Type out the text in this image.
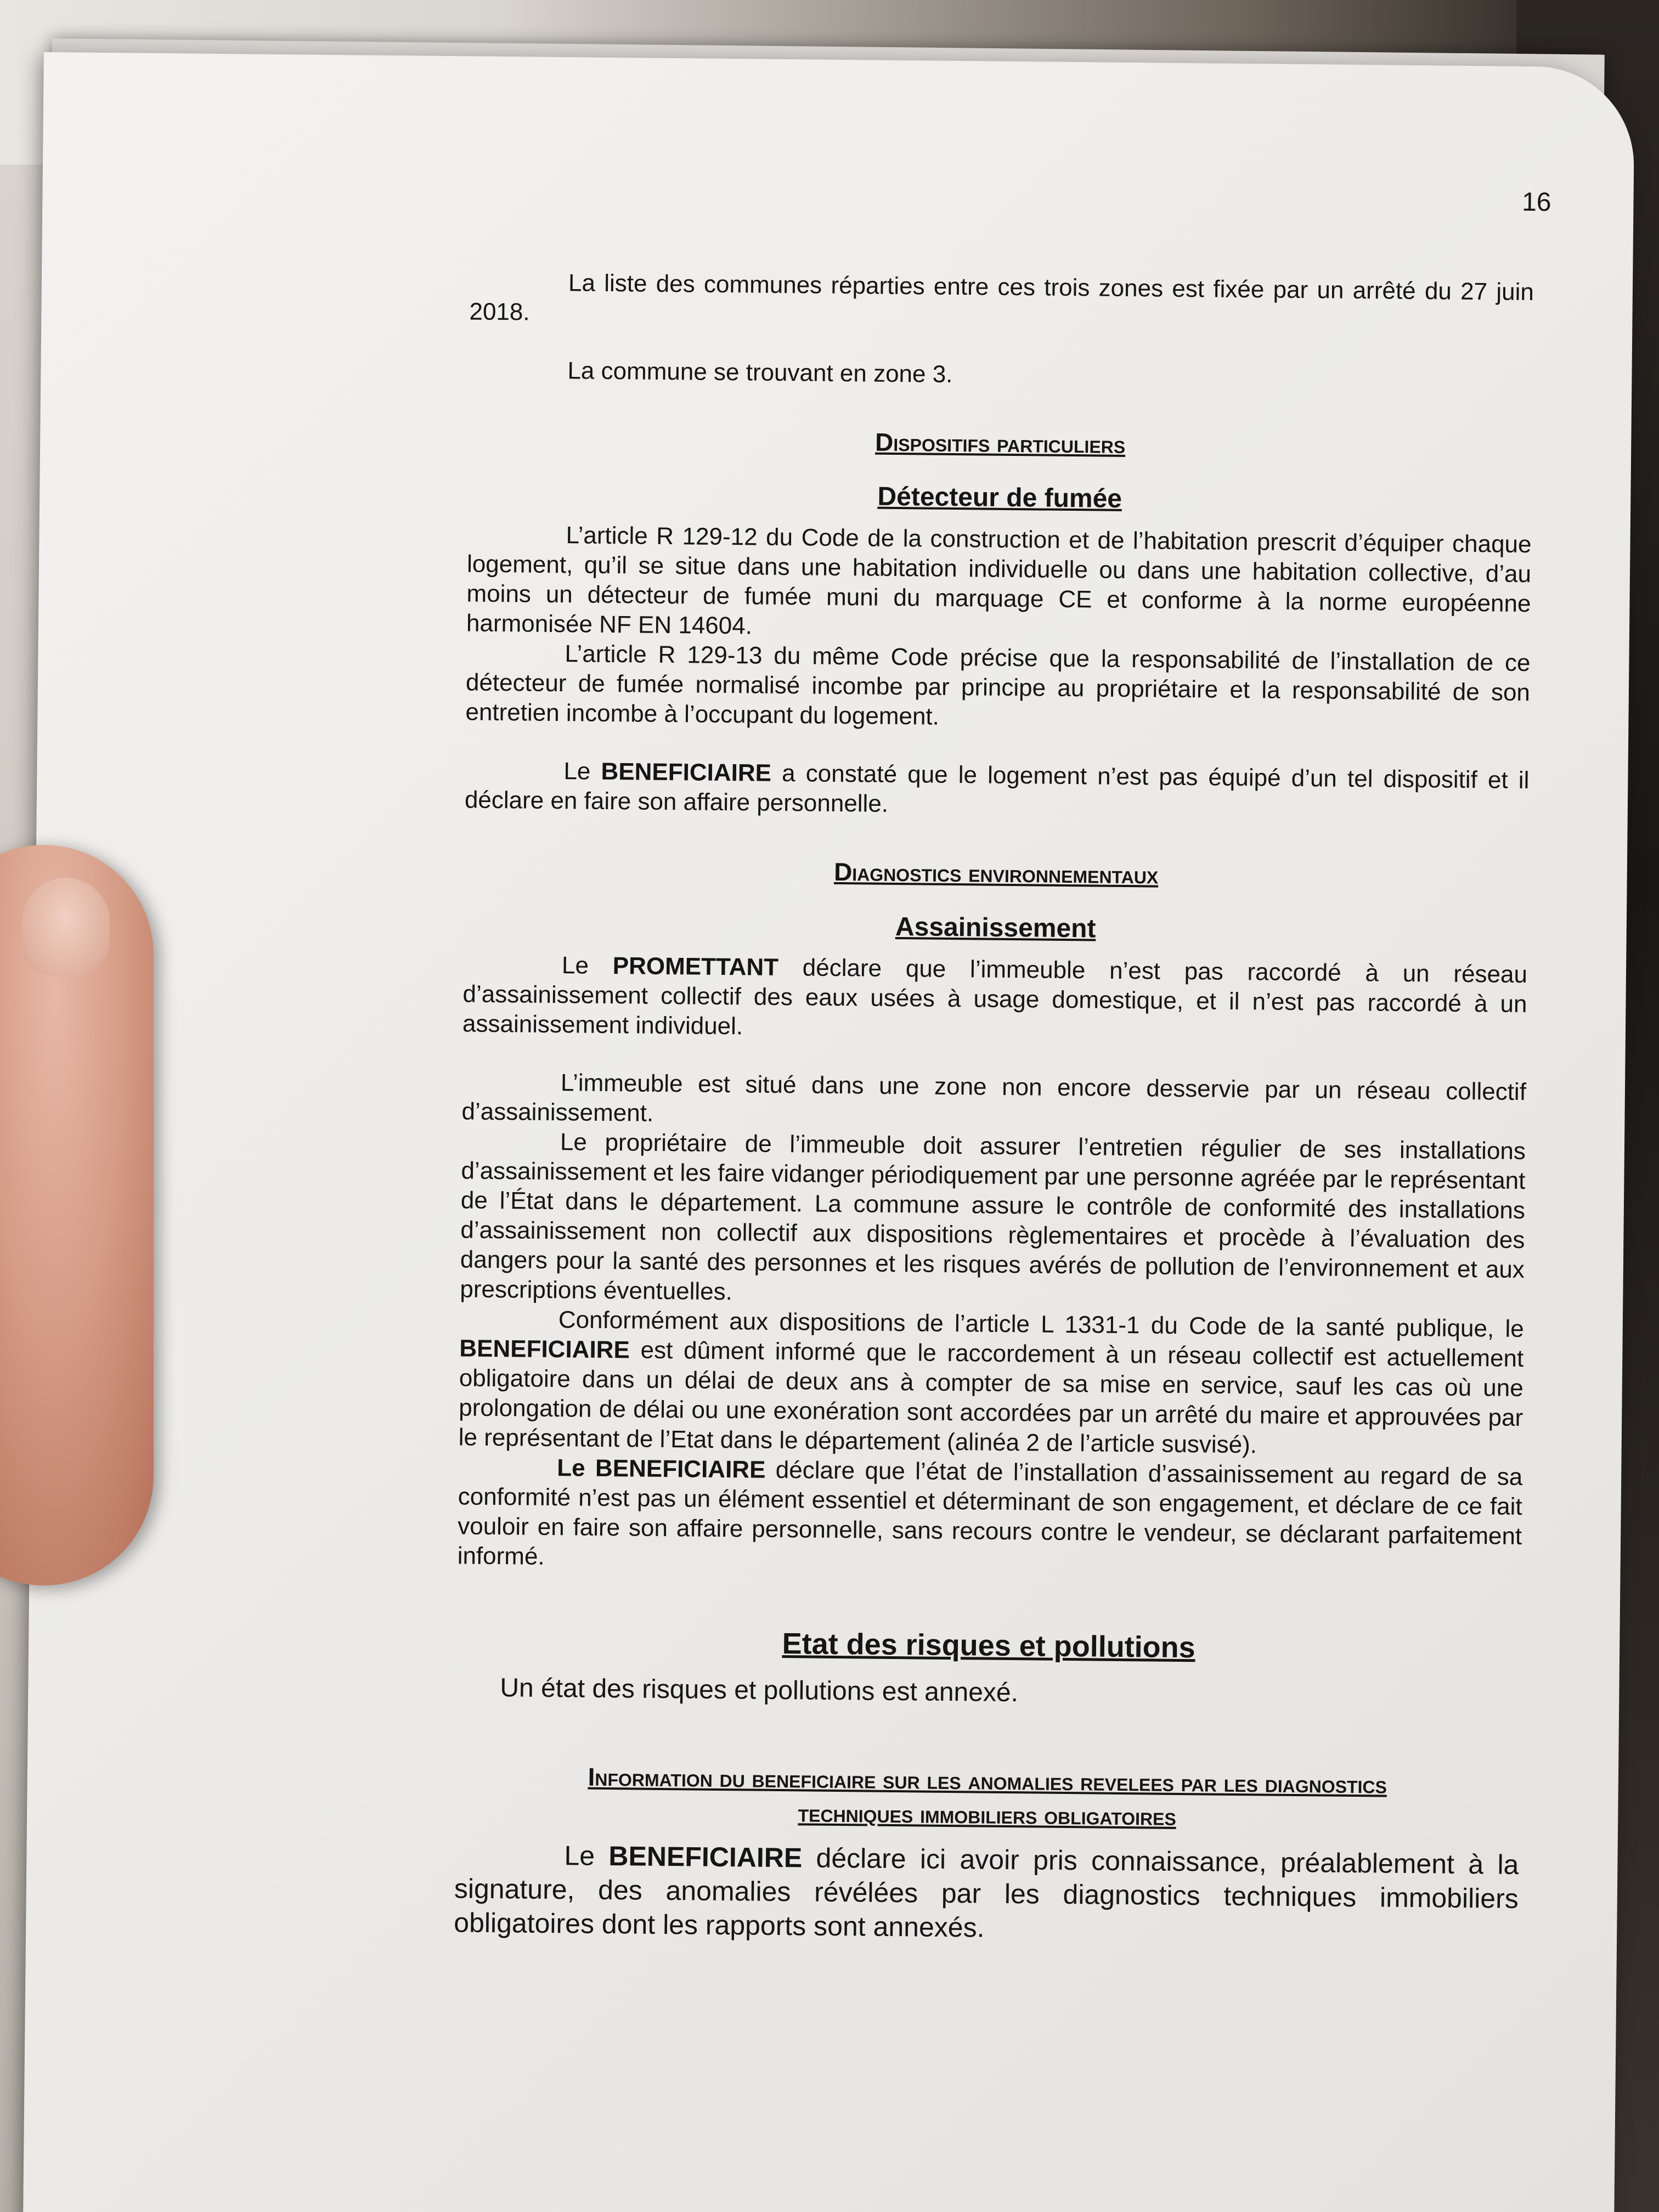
16

La liste des communes réparties entre ces trois zones est fixée par un arrêté du 27 juin 2018.

La commune se trouvant en zone 3.

Dispositifs particuliers
Détecteur de fumée

L’article R 129-12 du Code de la construction et de l’habitation prescrit d’équiper chaque logement, qu’il se situe dans une habitation individuelle ou dans une habitation collective, d’au moins un détecteur de fumée muni du marquage CE et conforme à la norme européenne harmonisée NF EN 14604.

L’article R 129-13 du même Code précise que la responsabilité de l’installation de ce détecteur de fumée normalisé incombe par principe au propriétaire et la responsabilité de son entretien incombe à l’occupant du logement.

Le BENEFICIAIRE a constaté que le logement n’est pas équipé d’un tel dispositif et il déclare en faire son affaire personnelle.

Diagnostics environnementaux
Assainissement

Le PROMETTANT déclare que l’immeuble n’est pas raccordé à un réseau d’assainissement collectif des eaux usées à usage domestique, et il n’est pas raccordé à un assainissement individuel.

L’immeuble est situé dans une zone non encore desservie par un réseau collectif d’assainissement.

Le propriétaire de l’immeuble doit assurer l’entretien régulier de ses installations d’assainissement et les faire vidanger périodiquement par une personne agréée par le représentant de l’État dans le département. La commune assure le contrôle de conformité des installations d’assainissement non collectif aux dispositions règlementaires et procède à l’évaluation des dangers pour la santé des personnes et les risques avérés de pollution de l’environnement et aux prescriptions éventuelles.

Conformément aux dispositions de l’article L 1331-1 du Code de la santé publique, le BENEFICIAIRE est dûment informé que le raccordement à un réseau collectif est actuellement obligatoire dans un délai de deux ans à compter de sa mise en service, sauf les cas où une prolongation de délai ou une exonération sont accordées par un arrêté du maire et approuvées par le représentant de l’Etat dans le département (alinéa 2 de l’article susvisé).

Le BENEFICIAIRE déclare que l’état de l’installation d’assainissement au regard de sa conformité n’est pas un élément essentiel et déterminant de son engagement, et déclare de ce fait vouloir en faire son affaire personnelle, sans recours contre le vendeur, se déclarant parfaitement informé.

Etat des risques et pollutions

Un état des risques et pollutions est annexé.

Information du beneficiaire sur les anomalies revelees par les diagnostics
techniques immobiliers obligatoires

Le BENEFICIAIRE déclare ici avoir pris connaissance, préalablement à la signature, des anomalies révélées par les diagnostics techniques immobiliers obligatoires dont les rapports sont annexés.
